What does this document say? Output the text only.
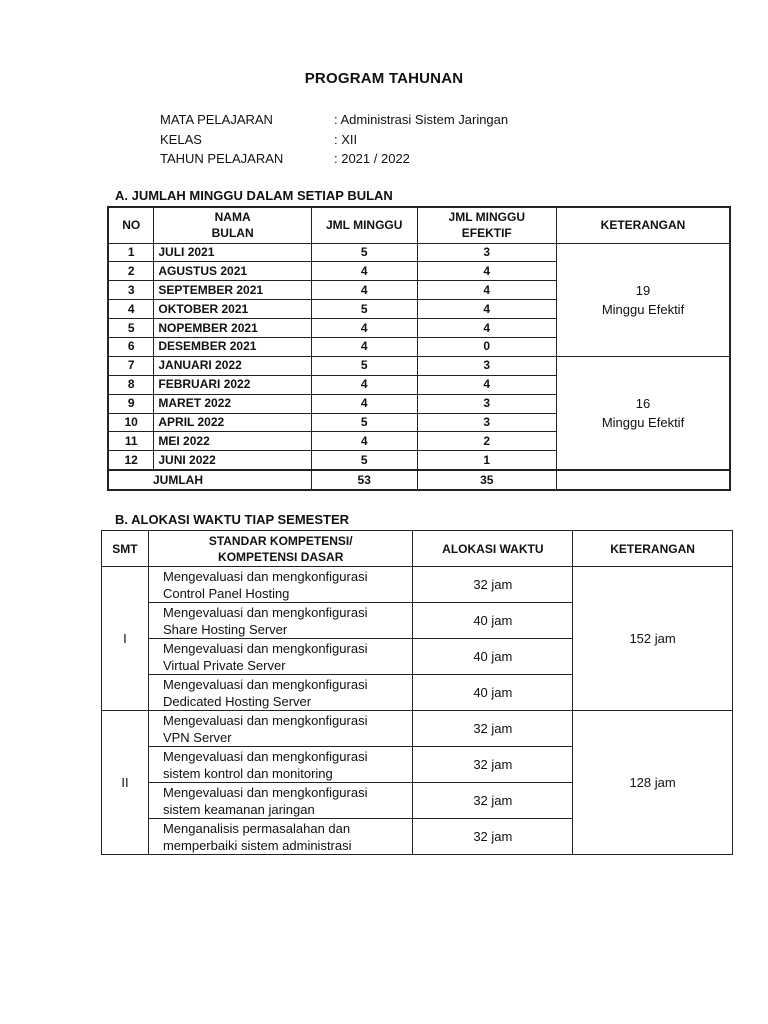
PROGRAM TAHUNAN
MATA PELAJARAN	: Administrasi Sistem Jaringan
KELAS	: XII
TAHUN PELAJARAN	: 2021 / 2022
A. JUMLAH MINGGU DALAM SETIAP BULAN
NO	NAMA
BULAN	JML MINGGU	JML MINGGU
EFEKTIF	KETERANGAN
1	JULI 2021	5	3	19
Minggu Efektif
2	AGUSTUS 2021	4	4	
3	SEPTEMBER 2021	4	4	
4	OKTOBER 2021	5	4	
5	NOPEMBER 2021	4	4	
6	DESEMBER 2021	4	0	
7	JANUARI 2022	5	3	16
Minggu Efektif
8	FEBRUARI 2022	4	4	
9	MARET 2022	4	3	
10	APRIL 2022	5	3	
11	MEI 2022	4	2	
12	JUNI 2022	5	1	
JUMLAH		53	35	
B. ALOKASI WAKTU TIAP SEMESTER
SMT	STANDAR KOMPETENSI/
KOMPETENSI DASAR	ALOKASI WAKTU	KETERANGAN
I	Mengevaluasi dan mengkonfigurasi
Control Panel Hosting	32 jam	152 jam
	Mengevaluasi dan mengkonfigurasi
Share Hosting Server	40 jam	
	Mengevaluasi dan mengkonfigurasi
Virtual Private Server	40 jam	
	Mengevaluasi dan mengkonfigurasi
Dedicated Hosting Server	40 jam	
II	Mengevaluasi dan mengkonfigurasi
VPN Server	32 jam	128 jam
	Mengevaluasi dan mengkonfigurasi
sistem kontrol dan monitoring	32 jam	
	Mengevaluasi dan mengkonfigurasi
sistem keamanan jaringan	32 jam	
	Menganalisis permasalahan dan
memperbaiki sistem administrasi	32 jam	
